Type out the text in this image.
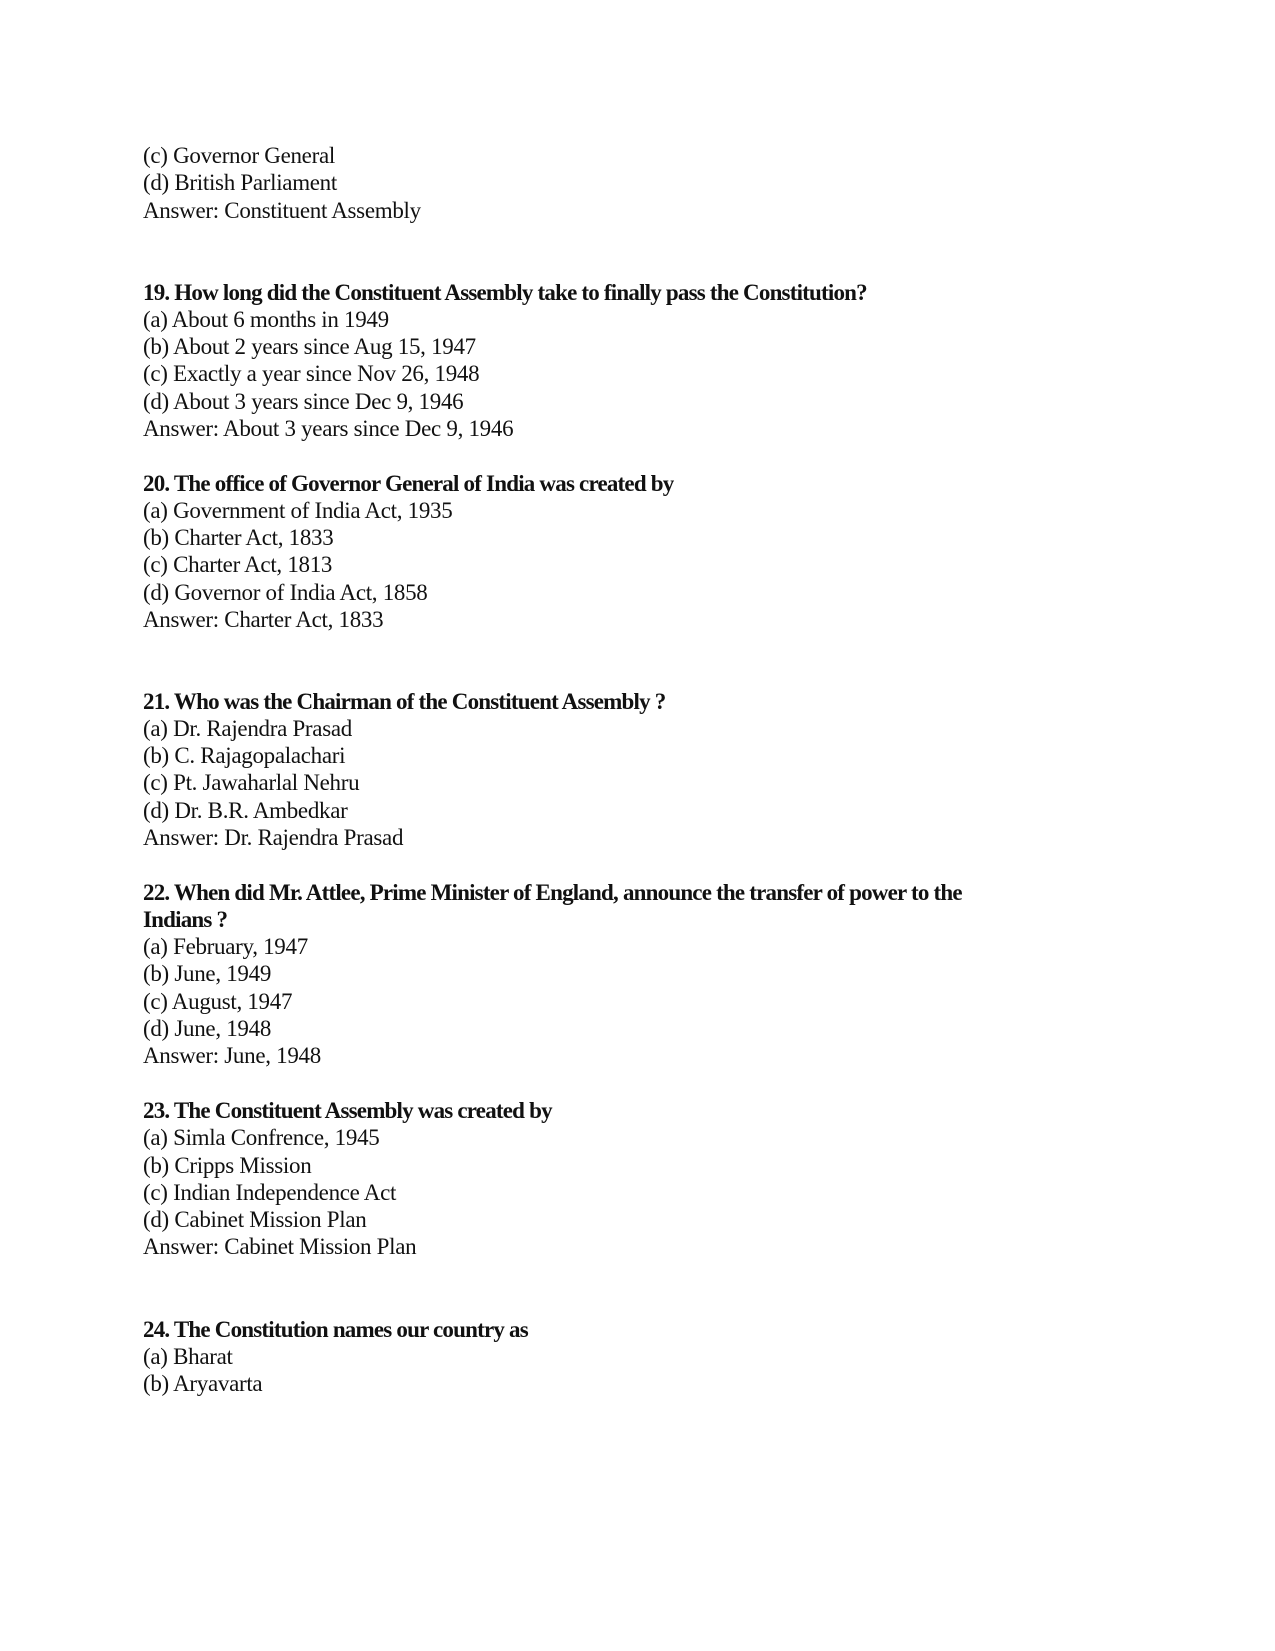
(c) Governor General
(d) British Parliament
Answer: Constituent Assembly
19. How long did the Constituent Assembly take to finally pass the Constitution?
(a) About 6 months in 1949
(b) About 2 years since Aug 15, 1947
(c) Exactly a year since Nov 26, 1948
(d) About 3 years since Dec 9, 1946
Answer: About 3 years since Dec 9, 1946
20. The office of Governor General of India was created by
(a) Government of India Act, 1935
(b) Charter Act, 1833
(c) Charter Act, 1813
(d) Governor of India Act, 1858
Answer: Charter Act, 1833
21. Who was the Chairman of the Constituent Assembly ?
(a) Dr. Rajendra Prasad
(b) C. Rajagopalachari
(c) Pt. Jawaharlal Nehru
(d) Dr. B.R. Ambedkar
Answer: Dr. Rajendra Prasad
22. When did Mr. Attlee, Prime Minister of England, announce the transfer of power to the
Indians ?
(a) February, 1947
(b) June, 1949
(c) August, 1947
(d) June, 1948
Answer: June, 1948
23. The Constituent Assembly was created by
(a) Simla Confrence, 1945
(b) Cripps Mission
(c) Indian Independence Act
(d) Cabinet Mission Plan
Answer: Cabinet Mission Plan
24. The Constitution names our country as
(a) Bharat
(b) Aryavarta
